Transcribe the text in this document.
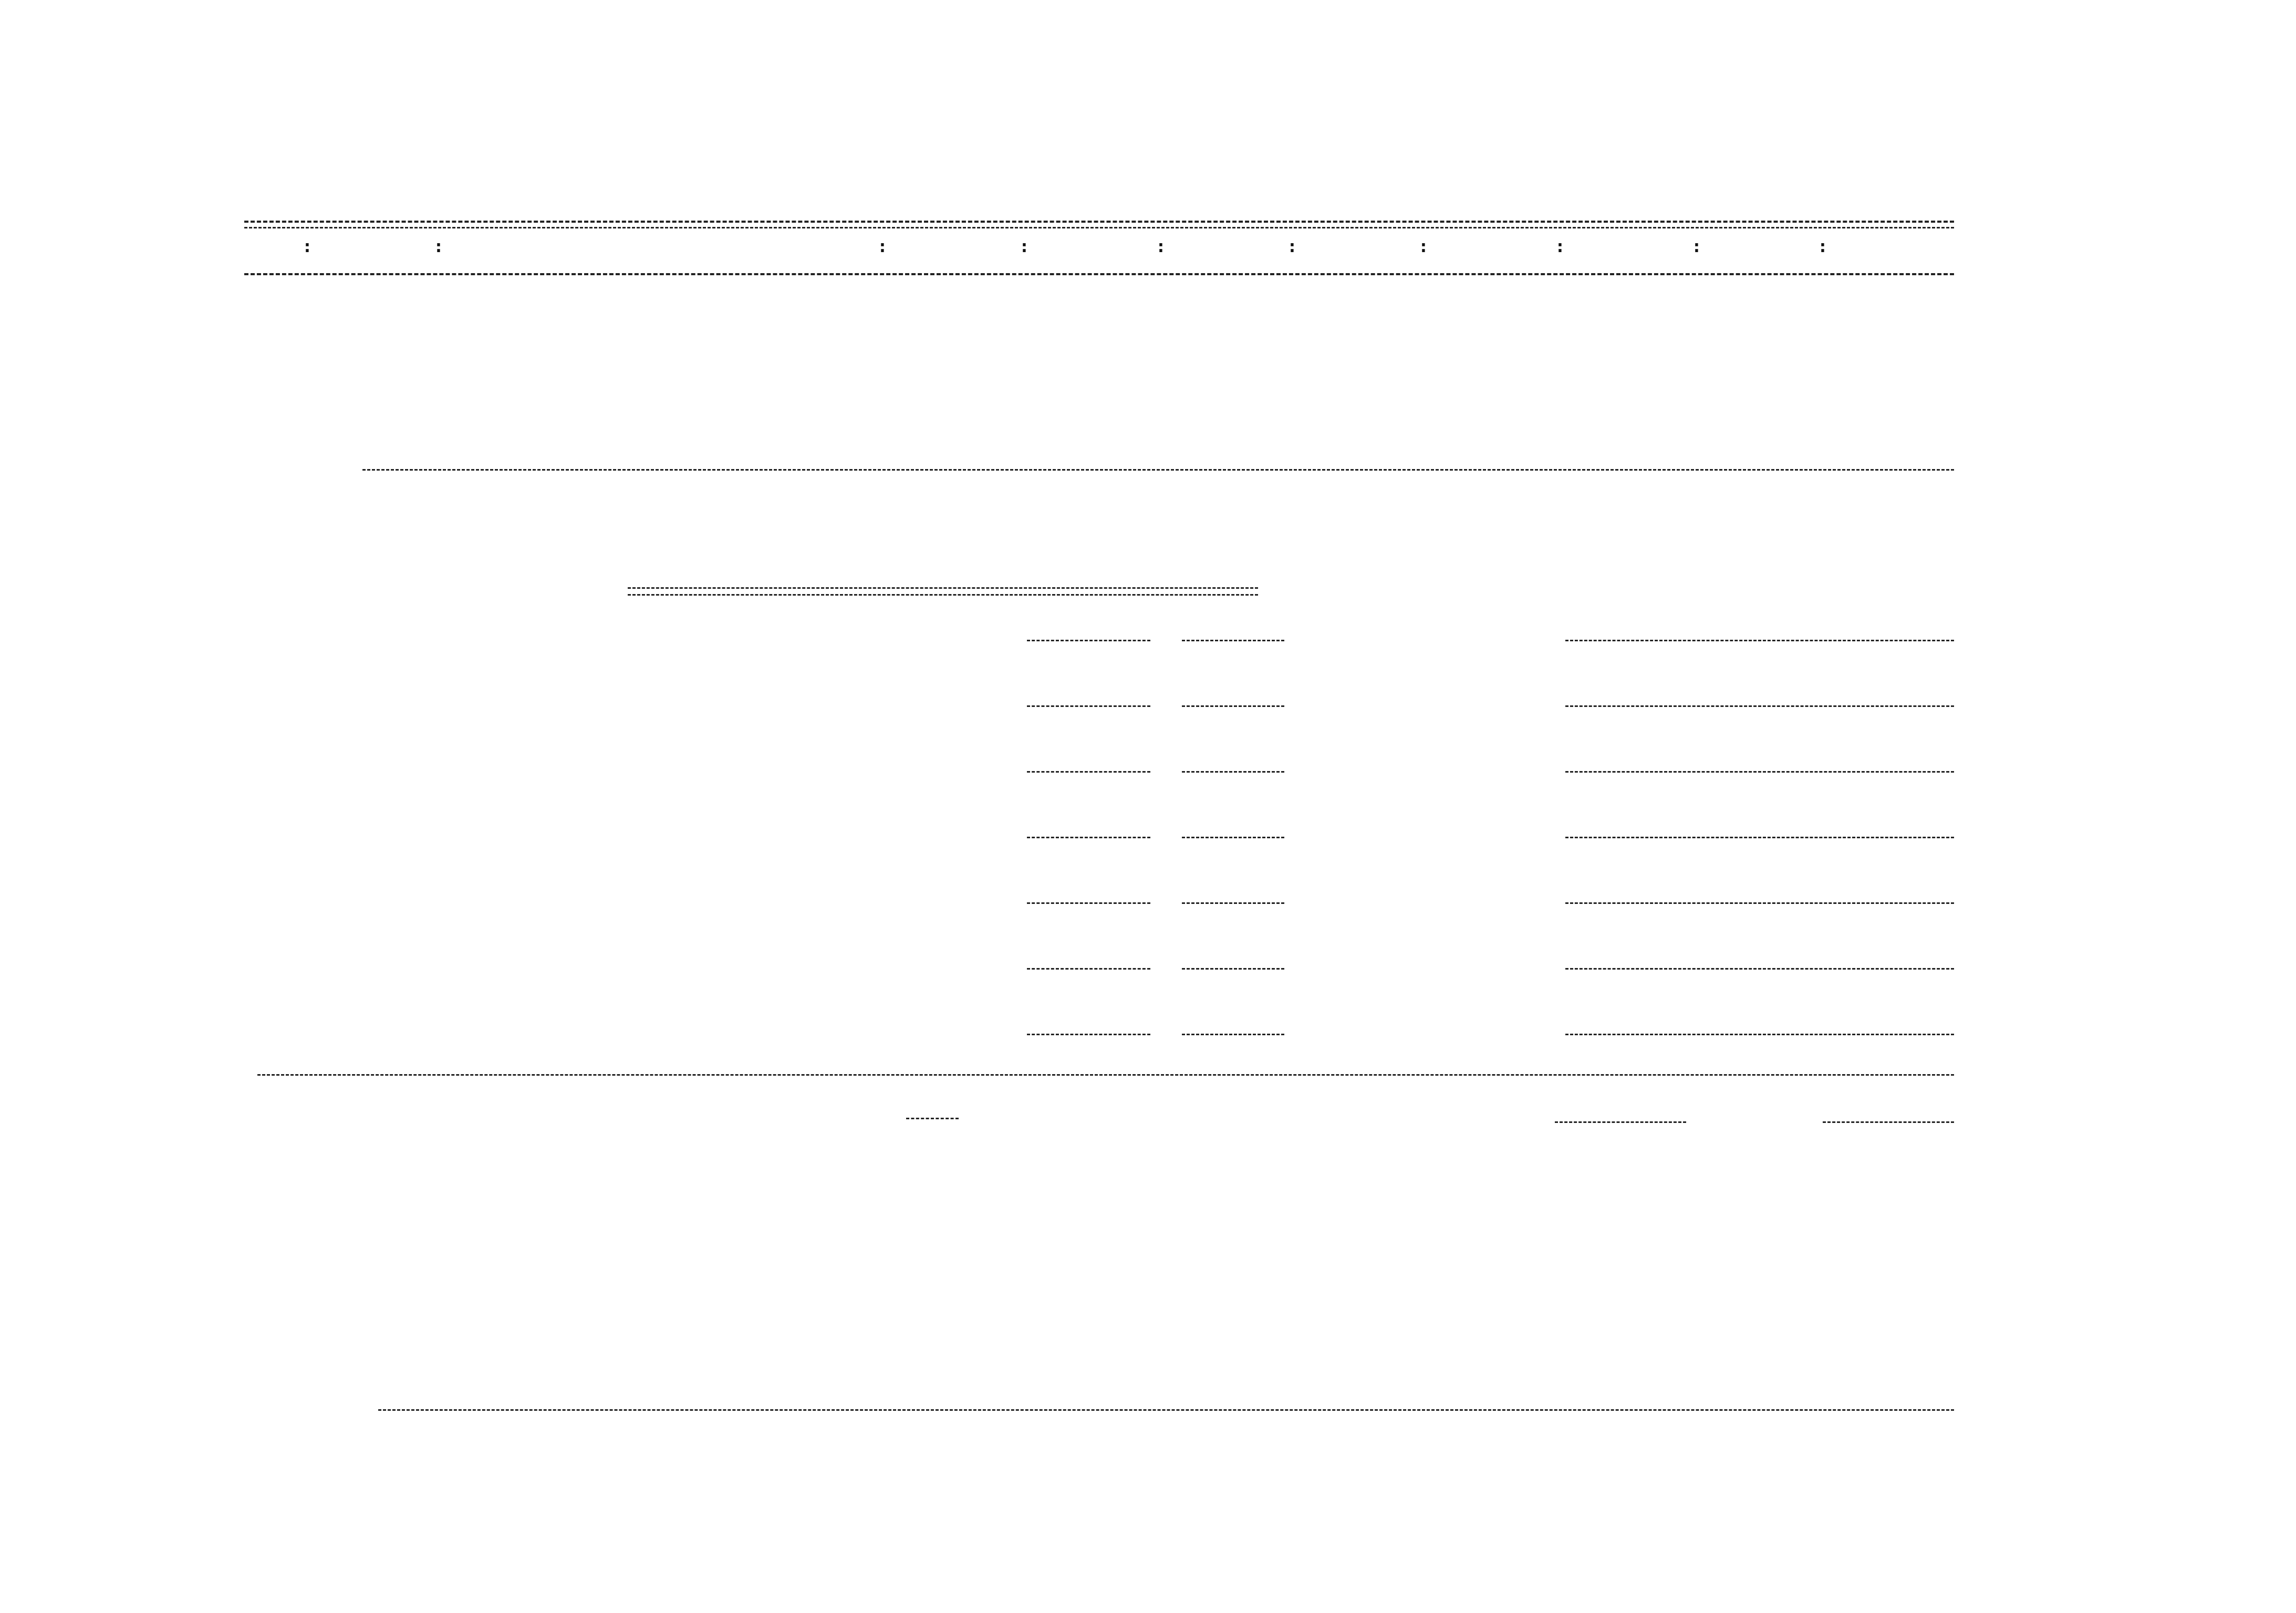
:	:	:	:	:	:	:	:	:	:
